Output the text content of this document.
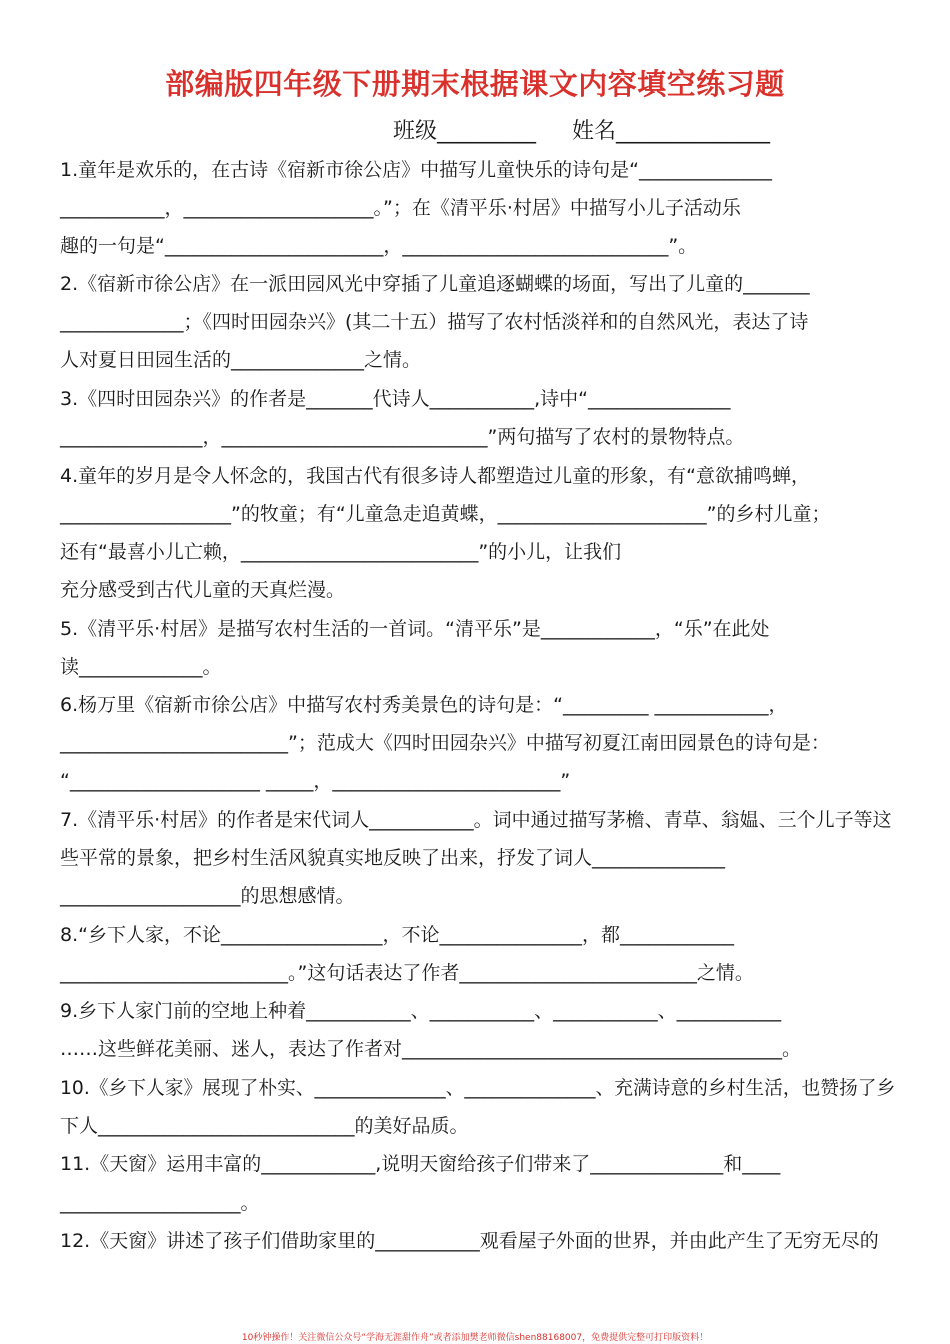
部编版四年级下册期末根据课文内容填空练习题
班级_________ 姓名______________
1.童年是欢乐的，在古诗《宿新市徐公店》中描写儿童快乐的诗句是“______________
___________，____________________。”；在《清平乐·村居》中描写小儿子活动乐
趣的一句是“_______________________，____________________________”。
2.《宿新市徐公店》在一派田园风光中穿插了儿童追逐蝴蝶的场面，写出了儿童的_______
_____________；《四时田园杂兴》(其二十五）描写了农村恬淡祥和的自然风光，表达了诗
人对夏日田园生活的______________之情。
3.《四时田园杂兴》的作者是_______代诗人___________,诗中“_______________
_______________，____________________________”两句描写了农村的景物特点。
4.童年的岁月是令人怀念的，我国古代有很多诗人都塑造过儿童的形象，有“意欲捕鸣蝉，
__________________”的牧童；有“儿童急走追黄蝶，______________________”的乡村儿童；
还有“最喜小儿亡赖，_________________________”的小儿，让我们
充分感受到古代儿童的天真烂漫。
5.《清平乐·村居》是描写农村生活的一首词。“清平乐”是____________，“乐”在此处
读_____________。
6.杨万里《宿新市徐公店》中描写农村秀美景色的诗句是：“_________ ____________，
________________________”；范成大《四时田园杂兴》中描写初夏江南田园景色的诗句是：
“____________________ _____，________________________”
7.《清平乐·村居》的作者是宋代词人___________。词中通过描写茅檐、青草、翁媪、三个儿子等这
些平常的景象，把乡村生活风貌真实地反映了出来，抒发了词人______________
___________________的思想感情。
8.“乡下人家，不论_________________，不论_______________，都____________
________________________。”这句话表达了作者_________________________之情。
9.乡下人家门前的空地上种着___________、___________、___________、___________
……这些鲜花美丽、迷人，表达了作者对________________________________________。
10.《乡下人家》展现了朴实、______________、______________、充满诗意的乡村生活，也赞扬了乡
下人___________________________的美好品质。
11.《天窗》运用丰富的____________,说明天窗给孩子们带来了______________和____
___________________。
12.《天窗》讲述了孩子们借助家里的___________观看屋子外面的世界，并由此产生了无穷无尽的
10秒钟操作！关注微信公众号“学海无涯甜作舟”或者添加樊老师微信shen88168007，免费提供完整可打印版资料！
